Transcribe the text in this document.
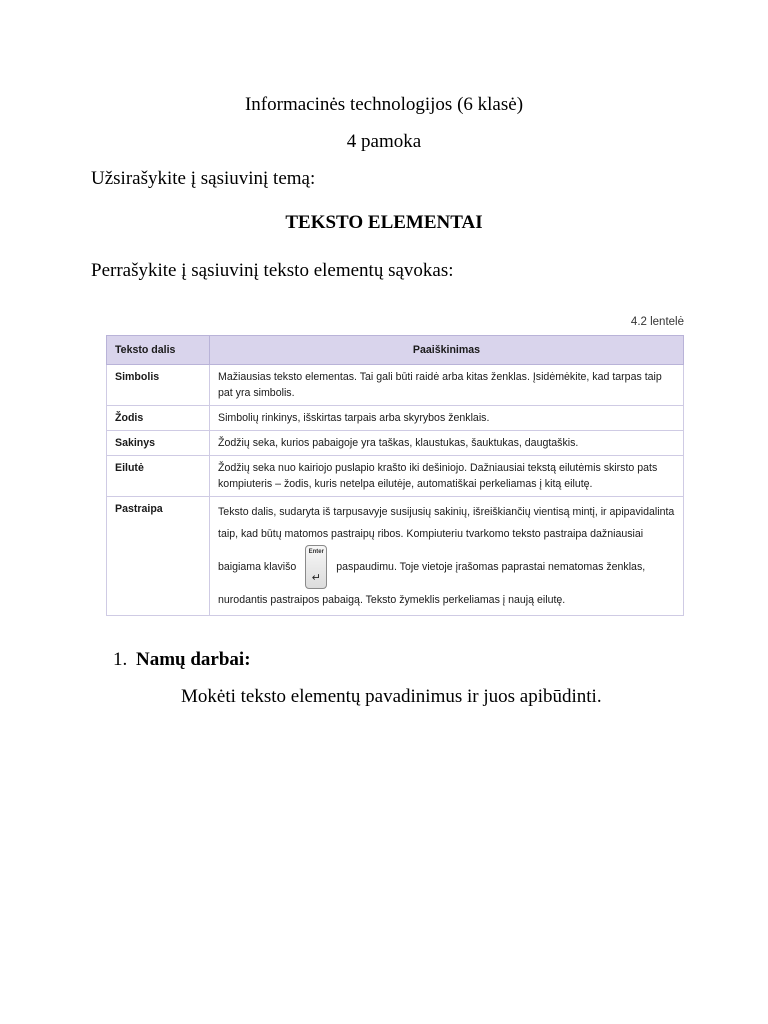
Informacinės technologijos (6 klasė)
4 pamoka
Užsirašykite į sąsiuvinį temą:
TEKSTO ELEMENTAI
Perrašykite į sąsiuvinį teksto elementų sąvokas:
4.2 lentelė
Teksto dalis	Paaiškinimas
Simbolis	Mažiausias teksto elementas. Tai gali būti raidė arba kitas ženklas. Įsidėmėkite, kad tarpas taip pat yra simbolis.
Žodis	Simbolių rinkinys, išskirtas tarpais arba skyrybos ženklais.
Sakinys	Žodžių seka, kurios pabaigoje yra taškas, klaustukas, šauktukas, daugtaškis.
Eilutė	Žodžių seka nuo kairiojo puslapio krašto iki dešiniojo. Dažniausiai tekstą eilutėmis skirsto pats kompiuteris – žodis, kuris netelpa eilutėje, automatiškai perkeliamas į kitą eilutę.
Pastraipa	Teksto dalis, sudaryta iš tarpusavyje susijusių sakinių, išreiškiančių vientisą mintį, ir apipavidalinta taip, kad būtų matomos pastraipų ribos. Kompiuteriu tvarkomo teksto pastraipa dažniausiai baigiama klavišo
Enter
↵
paspaudimu. Toje vietoje įrašomas paprastai nematomas ženklas, nurodantis pastraipos pabaigą. Teksto žymeklis perkeliamas į naują eilutę.
1. Namų darbai:
Mokėti teksto elementų pavadinimus ir juos apibūdinti.
